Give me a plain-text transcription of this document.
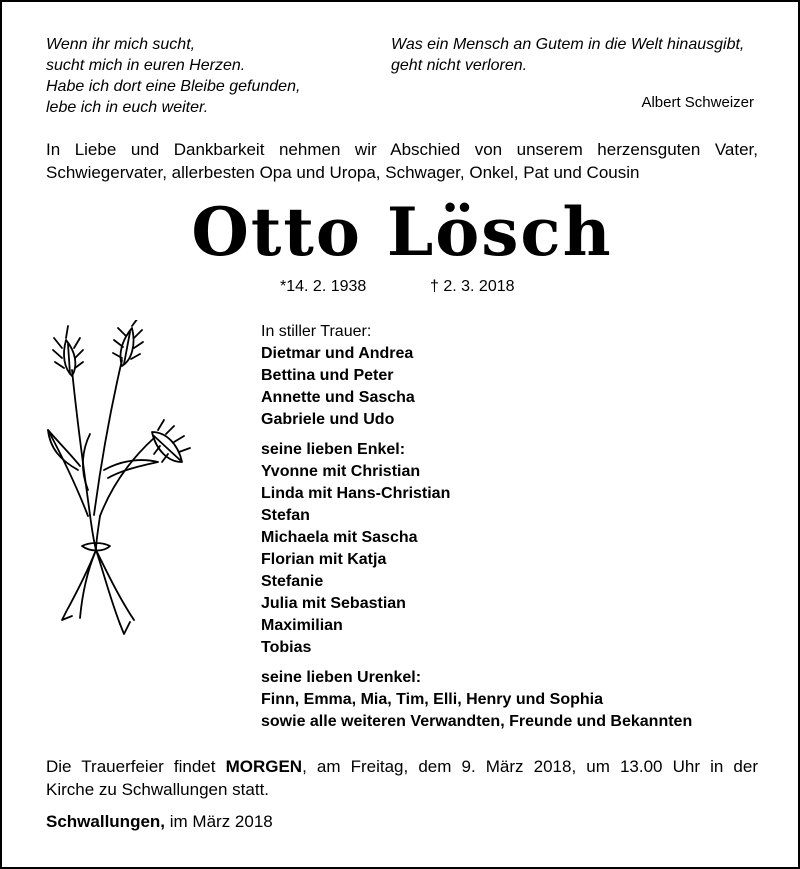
Wenn ihr mich sucht,
sucht mich in euren Herzen.
Habe ich dort eine Bleibe gefunden,
lebe ich in euch weiter.
Was ein Mensch an Gutem in die Welt hinausgibt,
geht nicht verloren.
Albert Schweizer
In Liebe und Dankbarkeit nehmen wir Abschied von unserem herzensguten Vater,
Schwiegervater, allerbesten Opa und Uropa, Schwager, Onkel, Pat und Cousin
Otto Lösch
*14. 2. 1938	† 2. 3. 2018
In stiller Trauer:
Dietmar und Andrea
Bettina und Peter
Annette und Sascha
Gabriele und Udo
seine lieben Enkel:
Yvonne mit Christian
Linda mit Hans-Christian
Stefan
Michaela mit Sascha
Florian mit Katja
Stefanie
Julia mit Sebastian
Maximilian
Tobias
seine lieben Urenkel:
Finn, Emma, Mia, Tim, Elli, Henry und Sophia
sowie alle weiteren Verwandten, Freunde und Bekannten
Die Trauerfeier findet MORGEN, am Freitag, dem 9. März 2018, um 13.00 Uhr in der
Kirche zu Schwallungen statt.
Schwallungen, im März 2018
